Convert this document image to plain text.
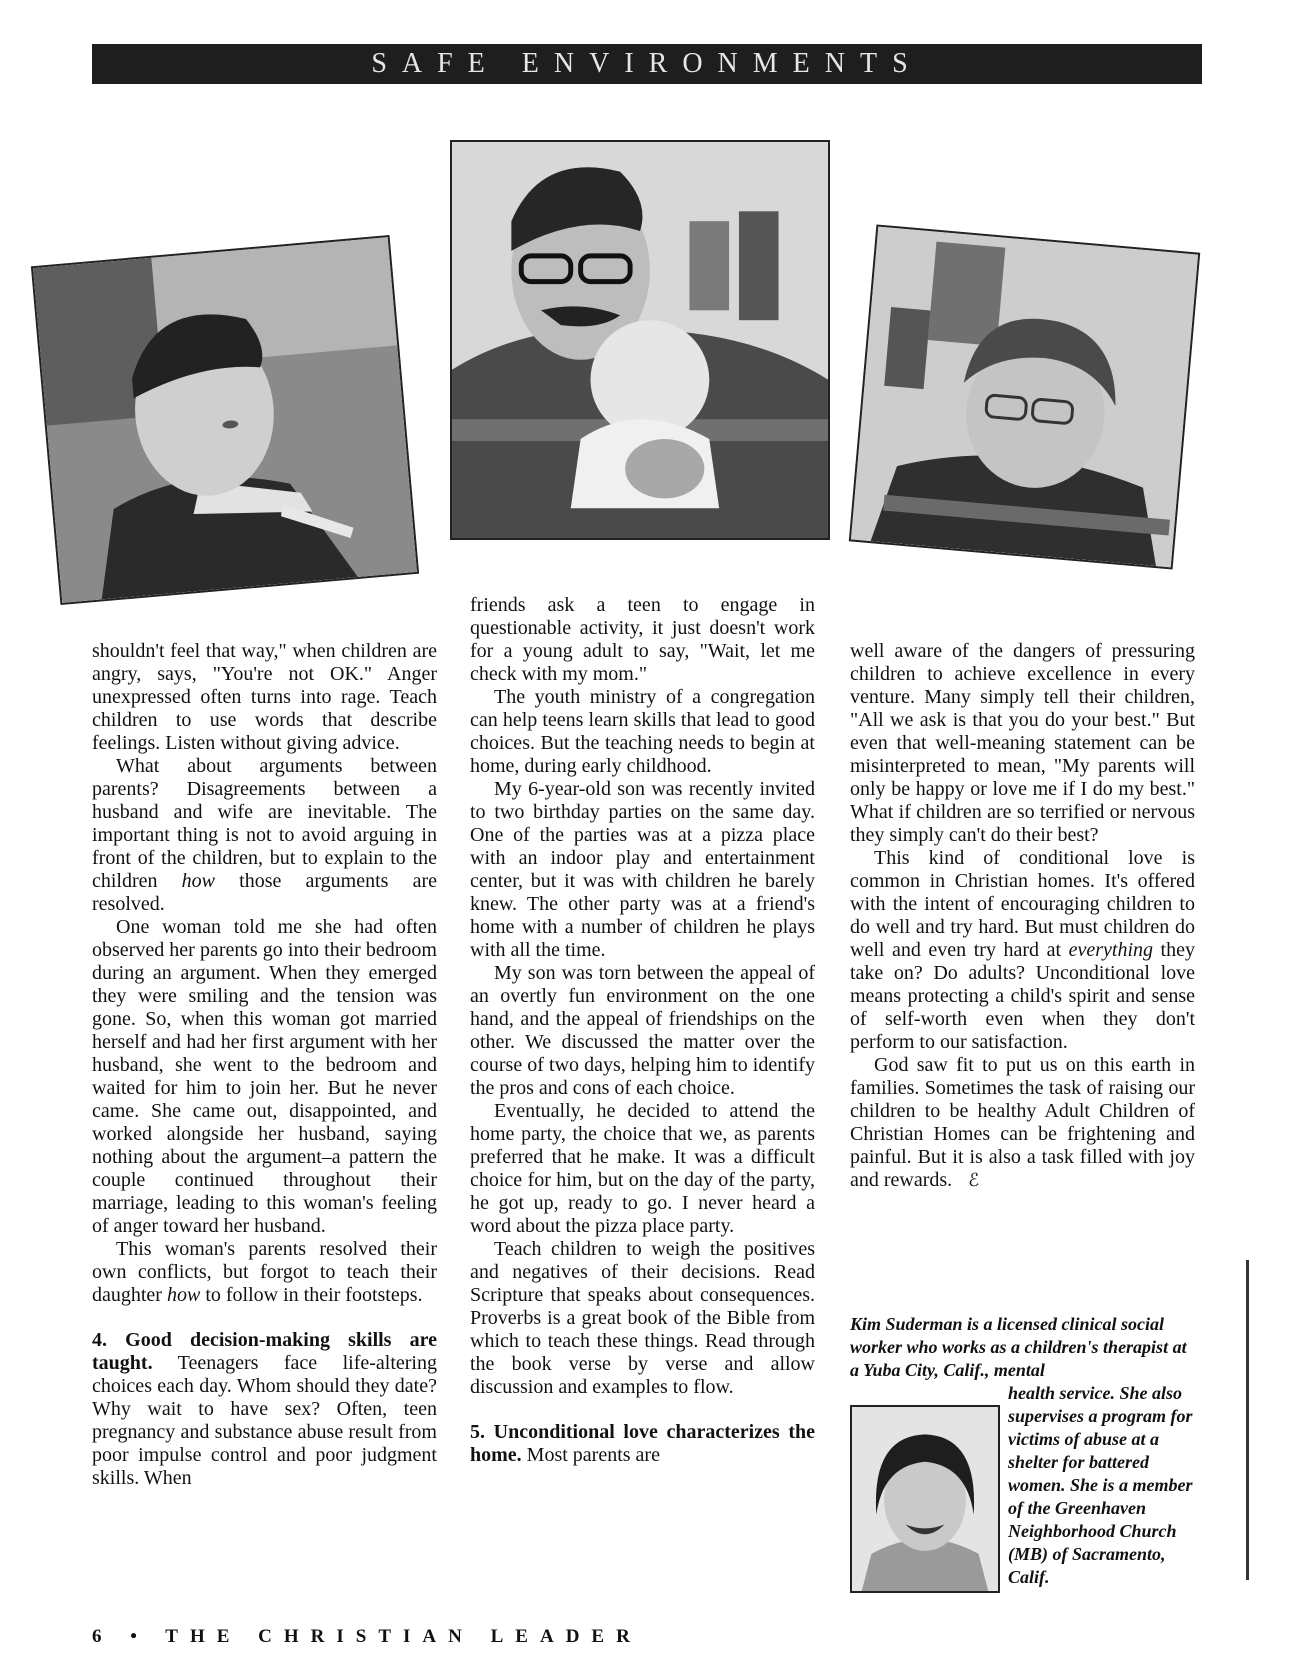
SAFE ENVIRONMENTS

shouldn't feel that way," when children are angry, says, "You're not OK." Anger unexpressed often turns into rage. Teach children to use words that describe feelings. Listen without giving advice.

What about arguments between parents? Disagreements between a husband and wife are inevitable. The important thing is not to avoid arguing in front of the children, but to explain to the children how those arguments are resolved.

One woman told me she had often observed her parents go into their bedroom during an argument. When they emerged they were smiling and the tension was gone. So, when this woman got married herself and had her first argument with her husband, she went to the bedroom and waited for him to join her. But he never came. She came out, disappointed, and worked alongside her husband, saying nothing about the argument–a pattern the couple continued throughout their marriage, leading to this woman's feeling of anger toward her husband.

This woman's parents resolved their own conflicts, but forgot to teach their daughter how to follow in their footsteps.

4. Good decision-making skills are taught. Teenagers face life-altering choices each day. Whom should they date? Why wait to have sex? Often, teen pregnancy and substance abuse result from poor impulse control and poor judgment skills. When

friends ask a teen to engage in questionable activity, it just doesn't work for a young adult to say, "Wait, let me check with my mom."

The youth ministry of a congregation can help teens learn skills that lead to good choices. But the teaching needs to begin at home, during early childhood.

My 6-year-old son was recently invited to two birthday parties on the same day. One of the parties was at a pizza place with an indoor play and entertainment center, but it was with children he barely knew. The other party was at a friend's home with a number of children he plays with all the time.

My son was torn between the appeal of an overtly fun environment on the one hand, and the appeal of friendships on the other. We discussed the matter over the course of two days, helping him to identify the pros and cons of each choice.

Eventually, he decided to attend the home party, the choice that we, as parents preferred that he make. It was a difficult choice for him, but on the day of the party, he got up, ready to go. I never heard a word about the pizza place party.

Teach children to weigh the positives and negatives of their decisions. Read Scripture that speaks about consequences. Proverbs is a great book of the Bible from which to teach these things. Read through the book verse by verse and allow discussion and examples to flow.

5. Unconditional love characterizes the home. Most parents are

well aware of the dangers of pressuring children to achieve excellence in every venture. Many simply tell their children, "All we ask is that you do your best." But even that well-meaning statement can be misinterpreted to mean, "My parents will only be happy or love me if I do my best." What if children are so terrified or nervous they simply can't do their best?

This kind of conditional love is common in Christian homes. It's offered with the intent of encouraging children to do well and try hard. But must children do well and even try hard at everything they take on? Do adults? Unconditional love means protecting a child's spirit and sense of self-worth even when they don't perform to our satisfaction.

God saw fit to put us on this earth in families. Sometimes the task of raising our children to be healthy Adult Children of Christian Homes can be frightening and painful. But it is also a task filled with joy and rewards. ℰ

Kim Suderman is a licensed clinical social worker who works as a children's therapist at a Yuba City, Calif., mental

health service. She also supervises a program for victims of abuse at a shelter for battered women. She is a member of the Greenhaven Neighborhood Church (MB) of Sacramento, Calif.
6 • THE CHRISTIAN LEADER
